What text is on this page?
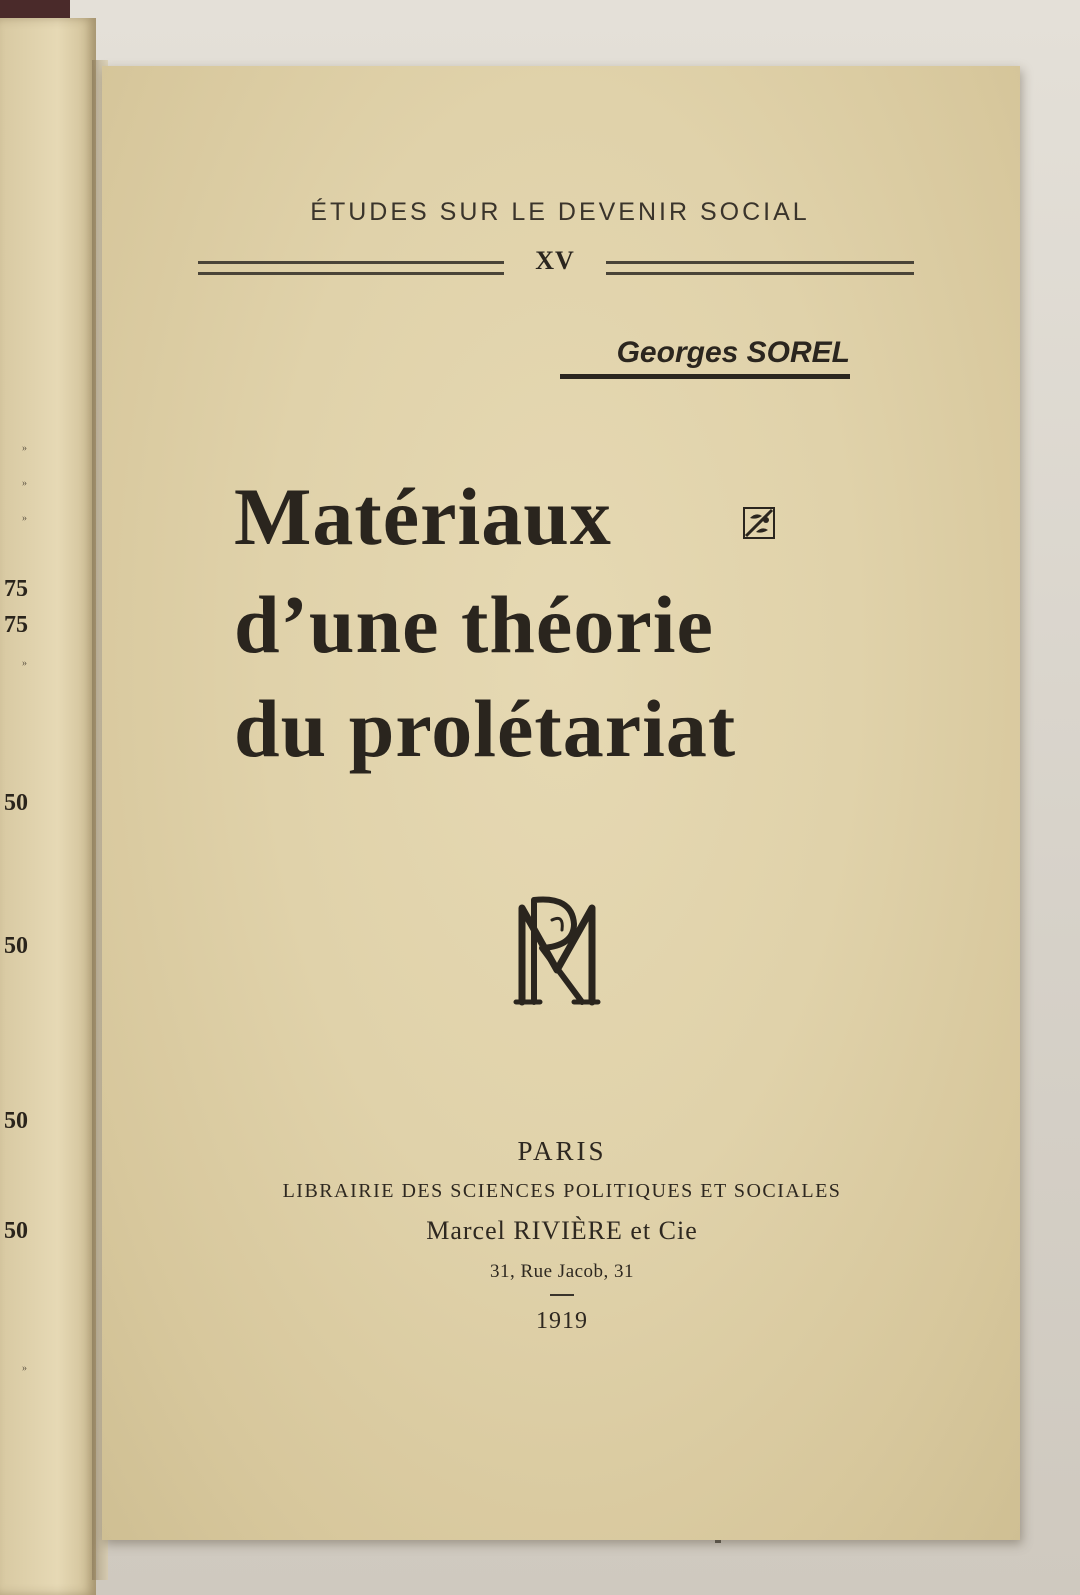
»
»
»
75
75
»
50
50
50
50
»
ÉTUDES SUR LE DEVENIR SOCIAL
XV
Georges SOREL
Matériaux
d’une théorie
du prolétariat
PARIS
LIBRAIRIE DES SCIENCES POLITIQUES ET SOCIALES
Marcel RIVIÈRE et Cie
31, Rue Jacob, 31
1919
